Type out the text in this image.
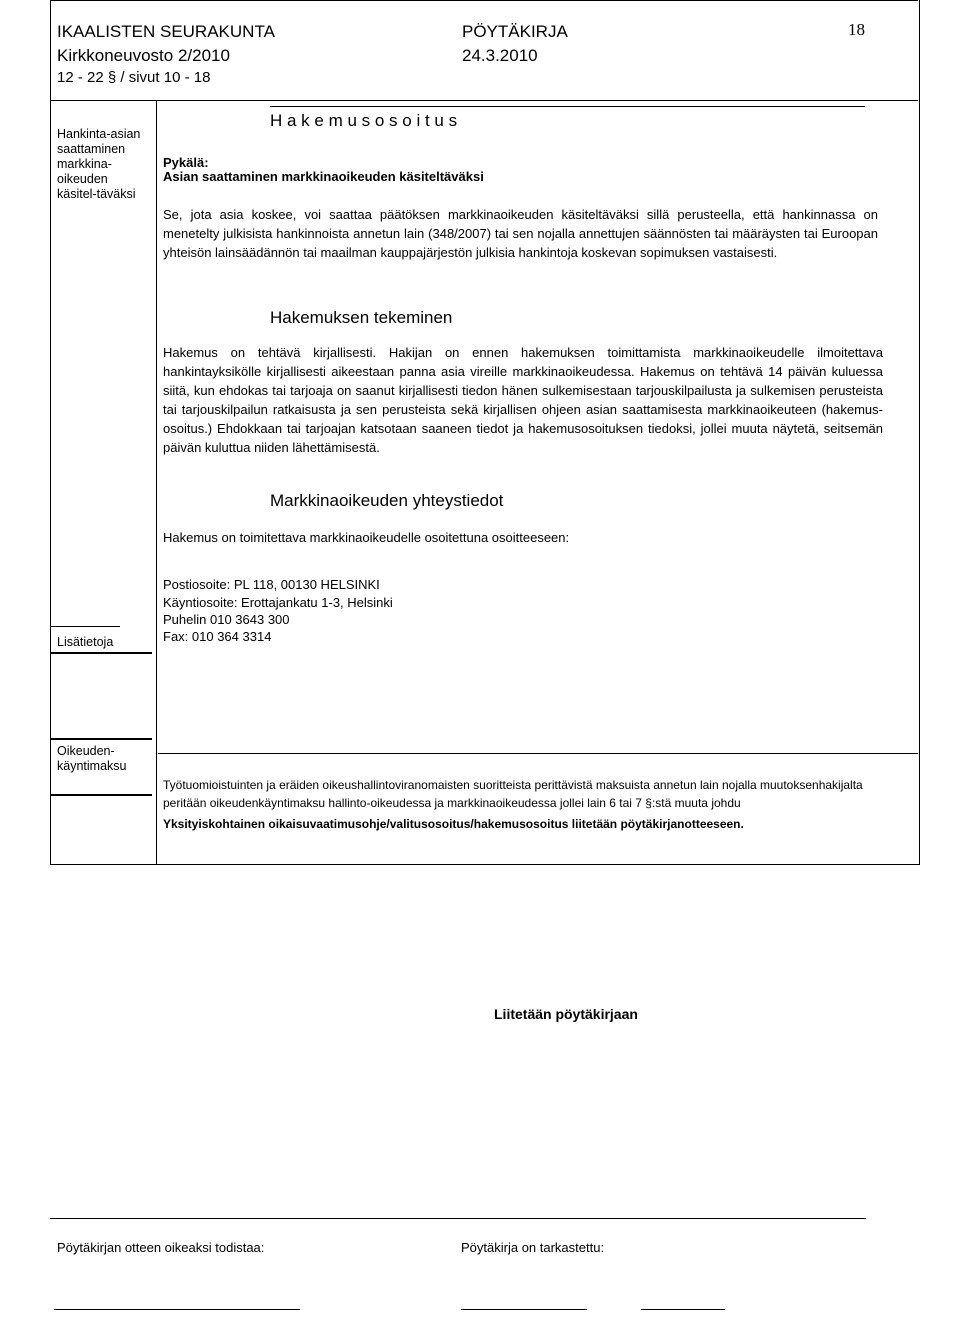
IKAALISTEN SEURAKUNTA	PÖYTÄKIRJA	18
Kirkkoneuvosto 2/2010	24.3.2010
12 - 22 § / sivut 10 - 18
Hankinta-asian saattaminen markkina- oikeuden käsitel-täväksi
H a k e m u s o s o i t u s
Pykälä:
Asian saattaminen markkinaoikeuden käsiteltäväksi
Se, jota asia koskee, voi saattaa päätöksen markkinaoikeuden käsiteltäväksi sillä perusteella, että hankinnassa on menetelty julkisista hankinnoista annetun lain (348/2007) tai sen nojalla annettujen säännösten tai määräysten tai Euroopan yhteisön lainsäädännön tai maailman kauppajärjestön julkisia hankintoja koskevan sopimuksen vastaisesti.
Hakemuksen tekeminen
Hakemus on tehtävä kirjallisesti. Hakijan on ennen hakemuksen toimittamista markkinaoikeudelle ilmoitettava hankintayksikölle kirjallisesti aikeestaan panna asia vireille markkinaoikeudessa. Hakemus on tehtävä 14 päivän kuluessa siitä, kun ehdokas tai tarjoaja on saanut kirjallisesti tiedon hänen sulkemisestaan tarjouskilpailusta ja sulkemisen perusteista tai tarjouskilpailun ratkaisusta ja sen perusteista sekä kirjallisen ohjeen asian saattamisesta markkinaoikeuteen (hakemus- osoitus.) Ehdokkaan tai tarjoajan katsotaan saaneen tiedot ja hakemusosoituksen tiedoksi, jollei muuta näytetä, seitsemän päivän kuluttua niiden lähettämisestä.
Markkinaoikeuden yhteystiedot
Hakemus on toimitettava markkinaoikeudelle osoitettuna osoitteeseen:
Postiosoite: PL 118, 00130 HELSINKI
Käyntiosoite: Erottajankatu 1-3, Helsinki
Puhelin 010 3643 300
Fax: 010 364 3314
Lisätietoja
Oikeuden-käyntimaksu
Työtuomioistuinten ja eräiden oikeushallintoviranomaisten suoritteista perittävistä maksuista annetun lain nojalla muutoksenhakijalta peritään oikeudenkäyntimaksu hallinto-oikeudessa ja markkinaoikeudessa jollei lain 6 tai 7 §:stä muuta johdu
Yksityiskohtainen oikaisuvaatimusohje/valitusosoitus/hakemusosoitus liitetään pöytäkirjanotteeseen.
Liitetään pöytäkirjaan
Pöytäkirjan otteen oikeaksi todistaa:	Pöytäkirja on tarkastettu:
